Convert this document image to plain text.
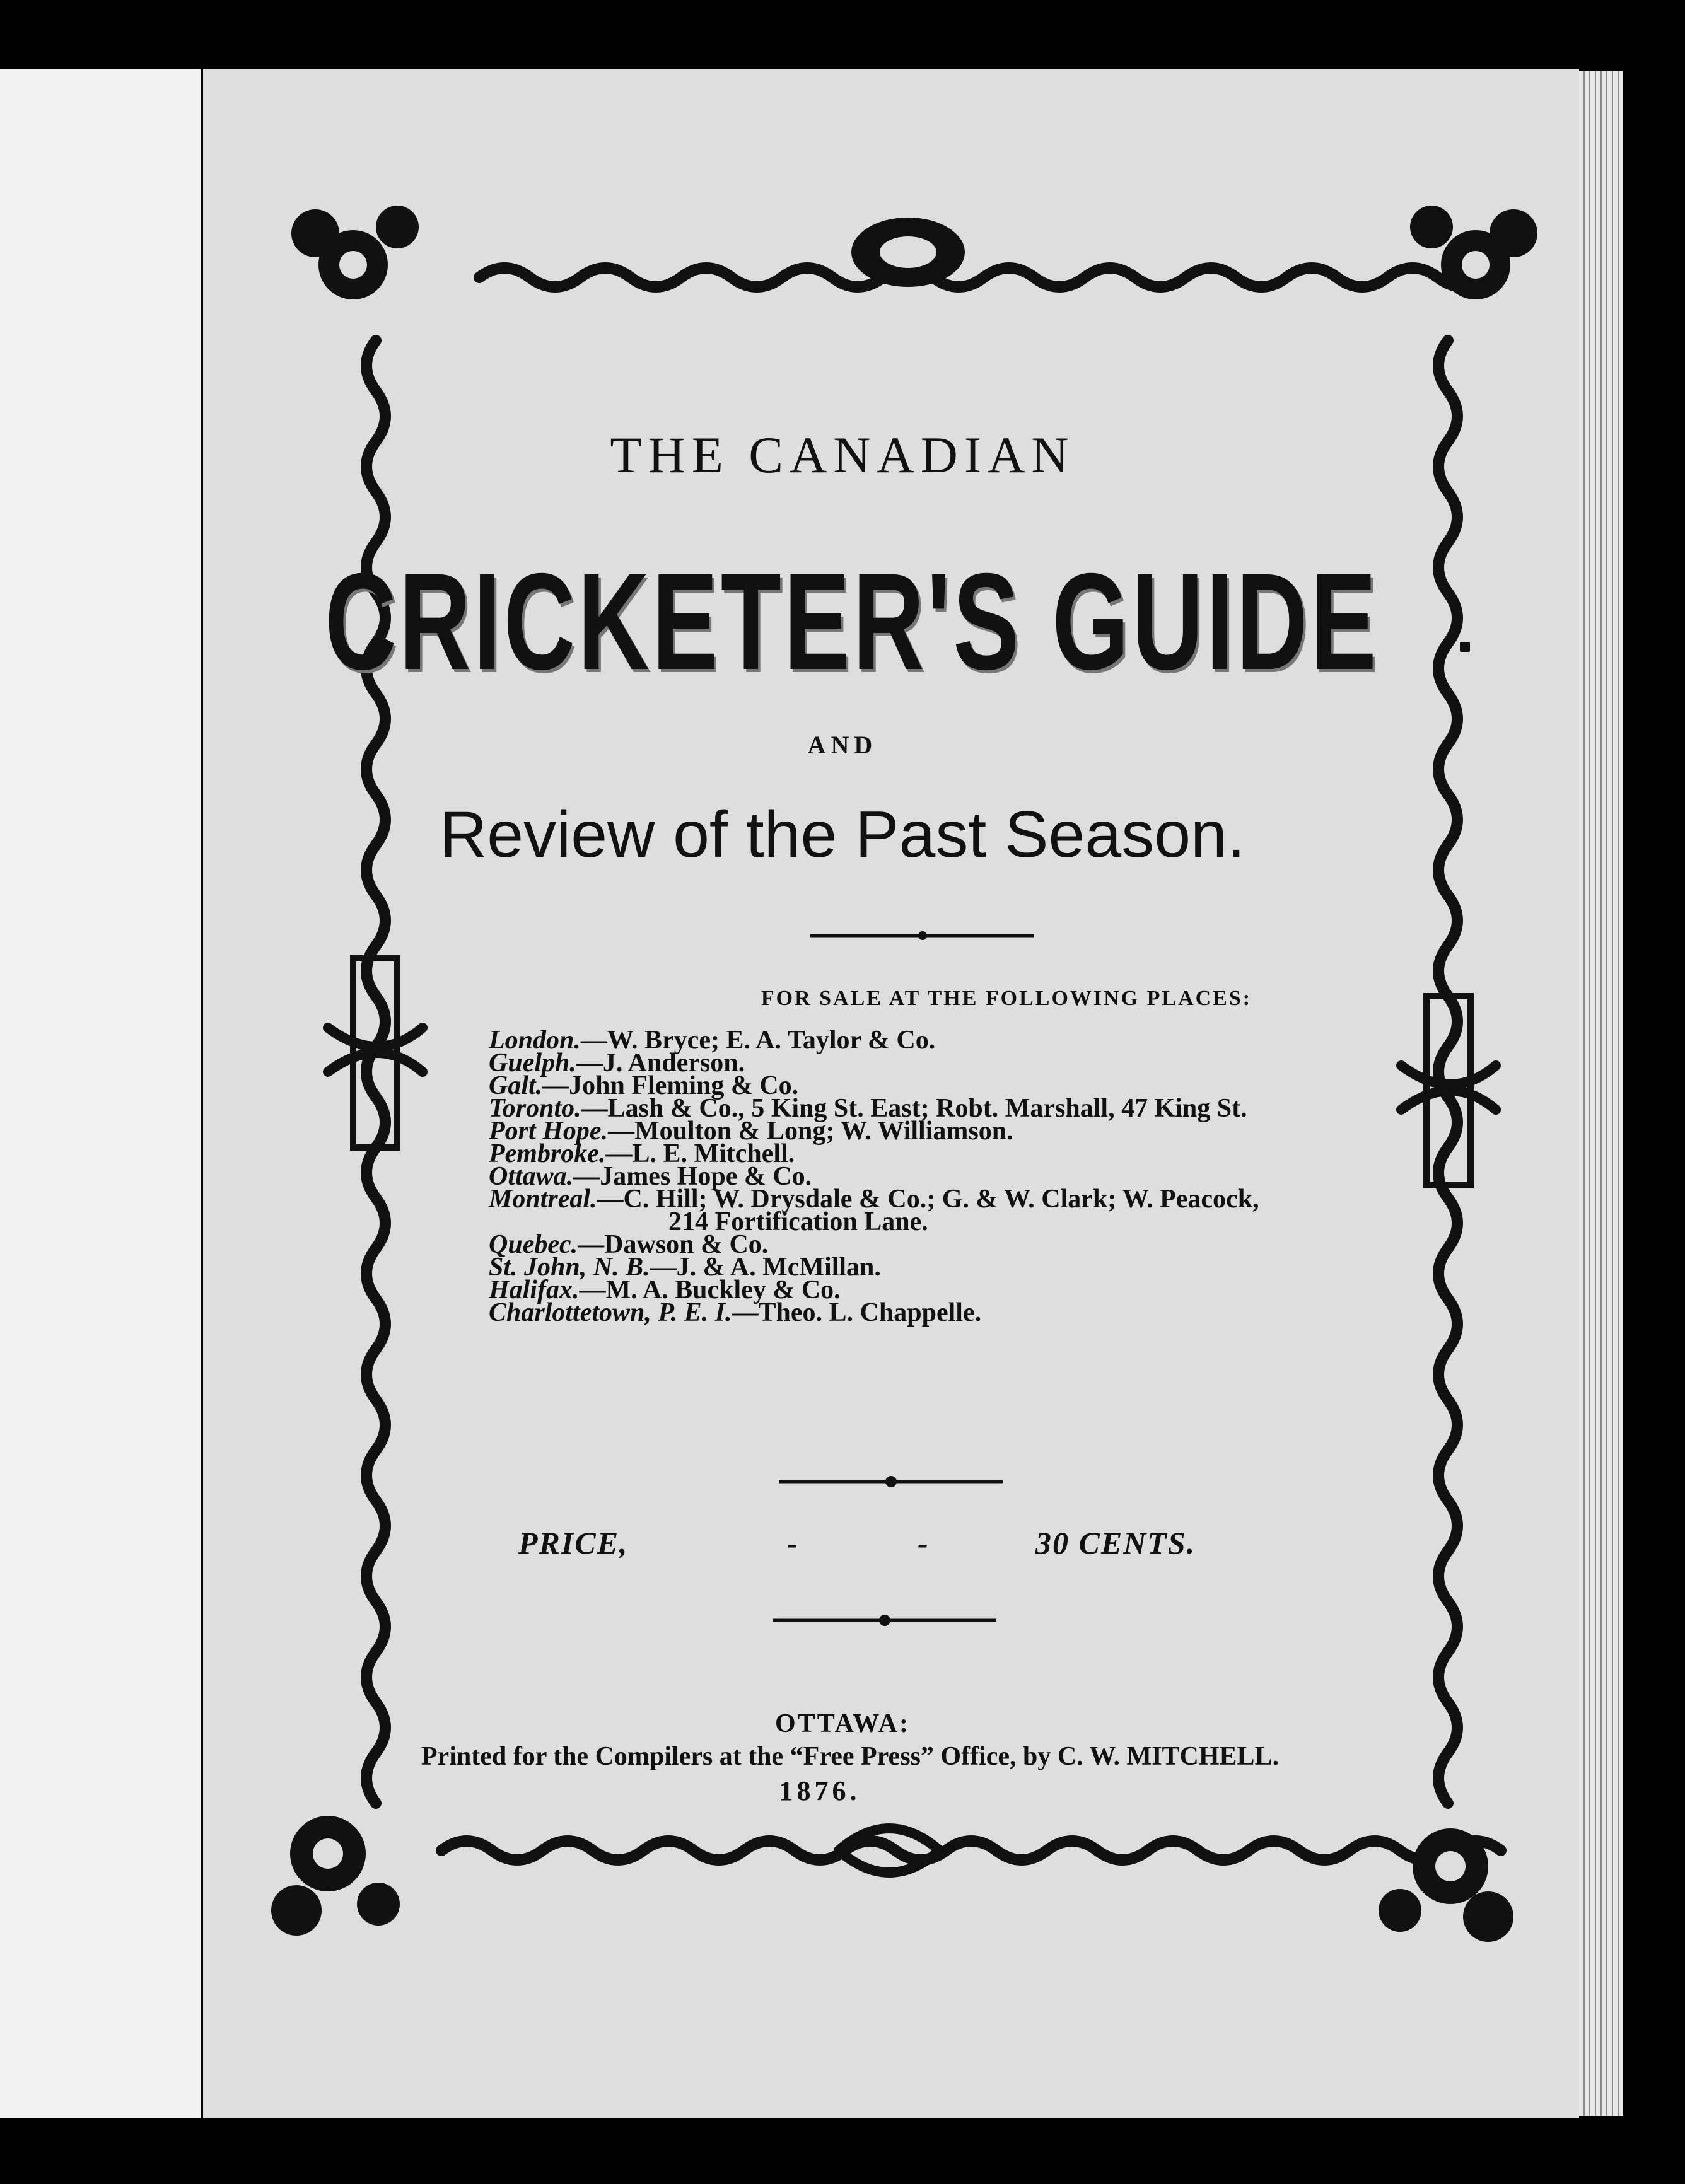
THE CANADIAN
CRICKETER'S GUIDE
AND
Review of the Past Season.
FOR SALE AT THE FOLLOWING PLACES:
London.—W. Bryce; E. A. Taylor & Co.
Guelph.—J. Anderson.
Galt.—John Fleming & Co.
Toronto.—Lash & Co., 5 King St. East; Robt. Marshall, 47 King St.
Port Hope.—Moulton & Long; W. Williamson.
Pembroke.—L. E. Mitchell.
Ottawa.—James Hope & Co.
Montreal.—C. Hill; W. Drysdale & Co.; G. & W. Clark; W. Peacock,
214 Fortification Lane.
Quebec.—Dawson & Co.
St. John, N. B.—J. & A. McMillan.
Halifax.—M. A. Buckley & Co.
Charlottetown, P. E. I.—Theo. L. Chappelle.
PRICE,	-	-	30 CENTS.
OTTAWA:
Printed for the Compilers at the “Free Press” Office, by C. W. MITCHELL.
1876.
